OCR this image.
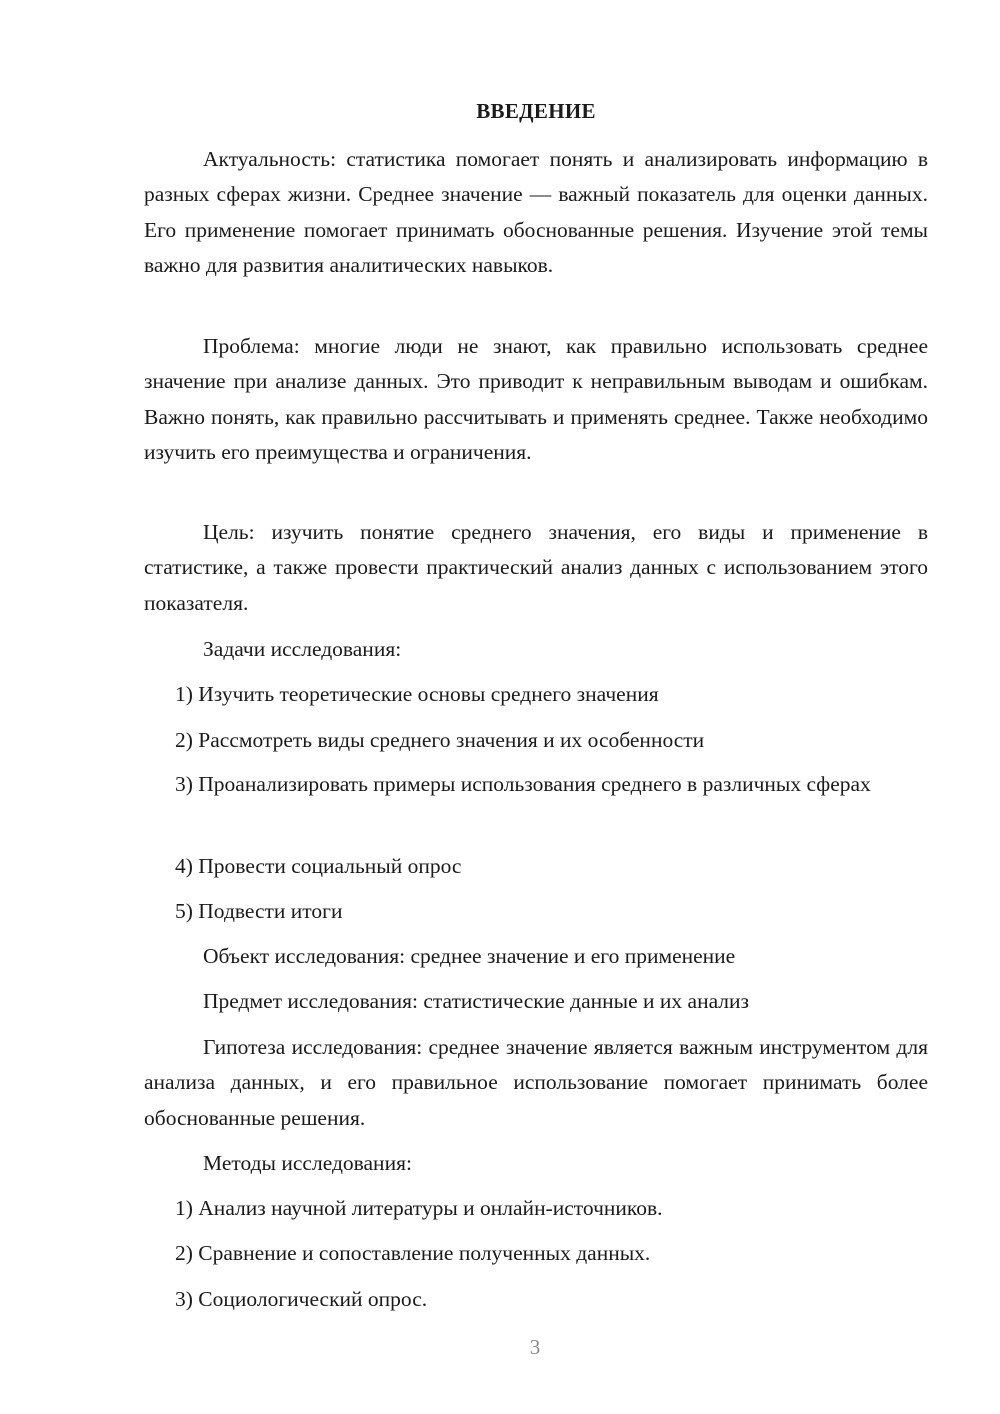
ВВЕДЕНИЕ

Актуальность: статистика помогает понять и анализировать информацию в разных сферах жизни. Среднее значение — важный показатель для оценки данных. Его применение помогает принимать обоснованные решения. Изучение этой темы важно для развития аналитических навыков.

Проблема: многие люди не знают, как правильно использовать среднее значение при анализе данных. Это приводит к неправильным выводам и ошибкам. Важно понять, как правильно рассчитывать и применять среднее. Также необходимо изучить его преимущества и ограничения.

Цель: изучить понятие среднего значения, его виды и применение в статистике, а также провести практический анализ данных с использованием этого показателя.

Задачи исследования:
1) Изучить теоретические основы среднего значения
2) Рассмотреть виды среднего значения и их особенности

3) Проанализировать примеры использования среднего в различных сферах

4) Провести социальный опрос
5) Подвести итоги
Объект исследования: среднее значение и его применение
Предмет исследования: статистические данные и их анализ

Гипотеза исследования: среднее значение является важным инструментом для анализа данных, и его правильное использование помогает принимать более обоснованные решения.

Методы исследования:
1) Анализ научной литературы и онлайн-источников.
2) Сравнение и сопоставление полученных данных.
3) Социологический опрос.
3
